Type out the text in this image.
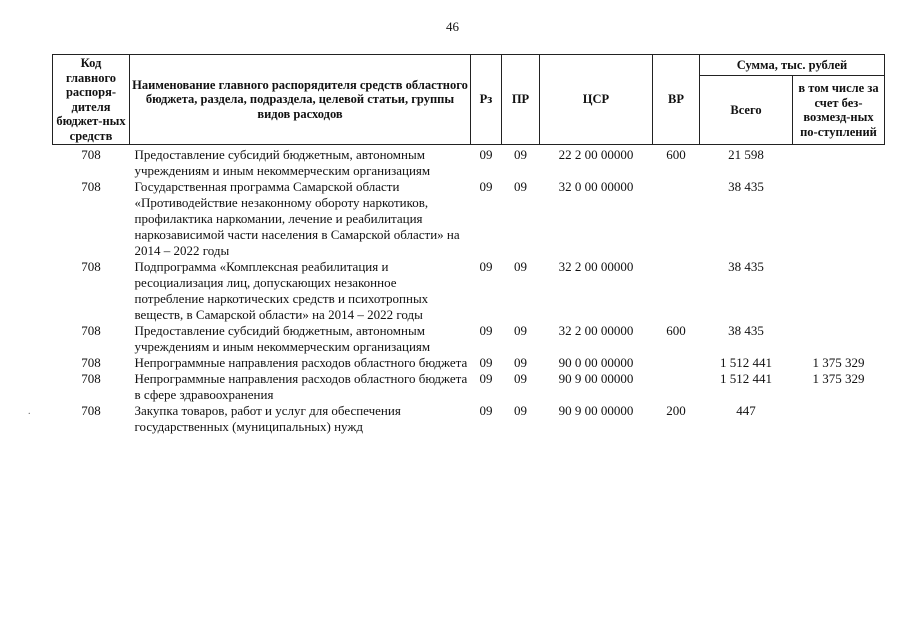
46
Код главного распоря-дителя бюджет-ных средств	Наименование главного распорядителя средств областного бюджета, раздела, подраздела, целевой статьи, группы видов расходов	Рз	ПР	ЦСР	ВР	Сумма, тыс. рублей	
						Всего	в том числе за счет без-возмезд-ных по-ступлений
708	Предоставление субсидий бюджетным, автономным учреждениям и иным некоммерческим организациям	09	09	22 2 00 00000	600	21 598	
708	Государственная программа Самарской области «Противодействие незаконному обороту наркотиков, профилактика наркомании, лечение и реабилитация наркозависимой части населения в Самарской области» на 2014 – 2022 годы	09	09	32 0 00 00000		38 435	
708	Подпрограмма «Комплексная реабилитация и ресоциализация лиц, допускающих незаконное потребление наркотических средств и психотропных веществ, в Самарской области» на 2014 – 2022 годы	09	09	32 2 00 00000		38 435	
708	Предоставление субсидий бюджетным, автономным учреждениям и иным некоммерческим организациям	09	09	32 2 00 00000	600	38 435	
708	Непрограммные направления расходов областного бюджета	09	09	90 0 00 00000		1 512 441	1 375 329
708	Непрограммные направления расходов областного бюджета в сфере здравоохранения	09	09	90 9 00 00000		1 512 441	1 375 329
708	Закупка товаров, работ и услуг для обеспечения государственных (муниципальных) нужд	09	09	90 9 00 00000	200	447	
.
